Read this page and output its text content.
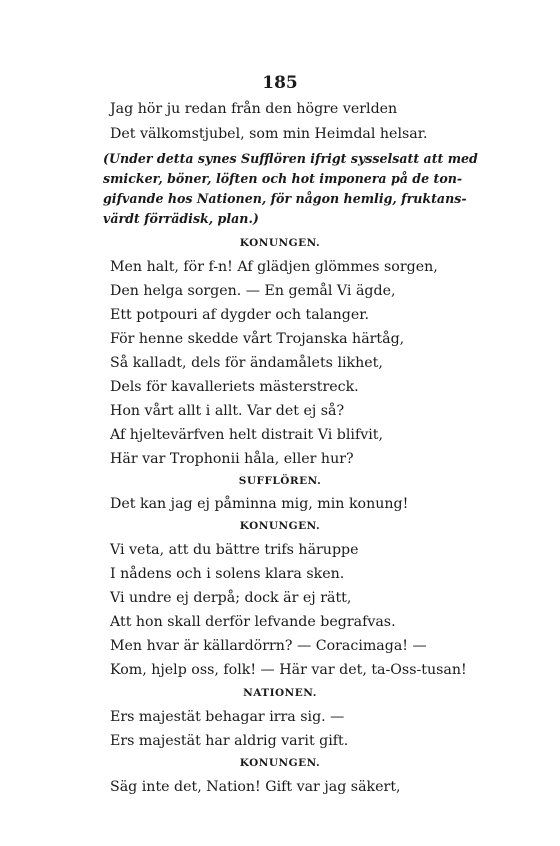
185
Jag hör ju redan från den högre verlden
Det välkomstjubel, som min Heimdal helsar.
(Under detta synes Sufflören ifrigt sysselsatt att med
smicker, böner, löften och hot imponera på de ton-
gifvande hos Nationen, för någon hemlig, fruktans-
värdt förrädisk, plan.)
KONUNGEN.
Men halt, för f-n! Af glädjen glömmes sorgen,
Den helga sorgen. — En gemål Vi ägde,
Ett potpouri af dygder och talanger.
För henne skedde vårt Trojanska härtåg,
Så kalladt, dels för ändamålets likhet,
Dels för kavalleriets mästerstreck.
Hon vårt allt i allt. Var det ej så?
Af hjeltevärfven helt distrait Vi blifvit,
Här var Trophonii håla, eller hur?
SUFFLÖREN.
Det kan jag ej påminna mig, min konung!
KONUNGEN.
Vi veta, att du bättre trifs häruppe
I nådens och i solens klara sken.
Vi undre ej derpå; dock är ej rätt,
Att hon skall derför lefvande begrafvas.
Men hvar är källardörrn? — Coracimaga! —
Kom, hjelp oss, folk! — Här var det, ta-Oss-tusan!
NATIONEN.
Ers majestät behagar irra sig. —
Ers majestät har aldrig varit gift.
KONUNGEN.
Säg inte det, Nation! Gift var jag säkert,
